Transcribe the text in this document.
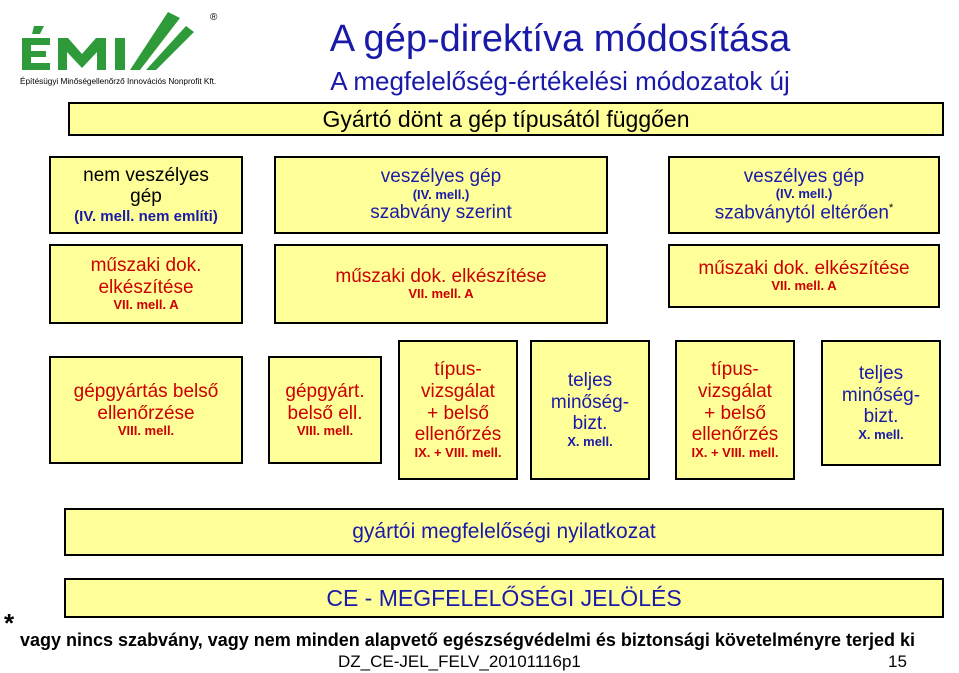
®
Építésügyi Minőségellenőrző Innovációs Nonprofit Kft.
A gép-direktíva módosítása
A megfelelőség-értékelési módozatok új
Gyártó dönt a gép típusától függően
nem veszélyes
gép
(IV. mell. nem említi)
veszélyes gép
(IV. mell.)
szabvány szerint
veszélyes gép
(IV. mell.)
szabványtól eltérően*
műszaki dok.
elkészítése
VII. mell. A
műszaki dok. elkészítése
VII. mell. A
műszaki dok. elkészítése
VII. mell. A
gépgyártás belső
ellenőrzése
VIII. mell.
gépgyárt.
belső ell.
VIII. mell.
típus-
vizsgálat
+ belső
ellenőrzés
IX. + VIII. mell.
teljes
minőség-
bizt.
X. mell.
típus-
vizsgálat
+ belső
ellenőrzés
IX. + VIII. mell.
teljes
minőség-
bizt.
X. mell.
gyártói megfelelőségi nyilatkozat
CE - MEGFELELŐSÉGI JELÖLÉS
*
vagy nincs szabvány, vagy nem minden alapvető egészségvédelmi és biztonsági követelményre terjed ki
DZ_CE-JEL_FELV_20101116p1	15
